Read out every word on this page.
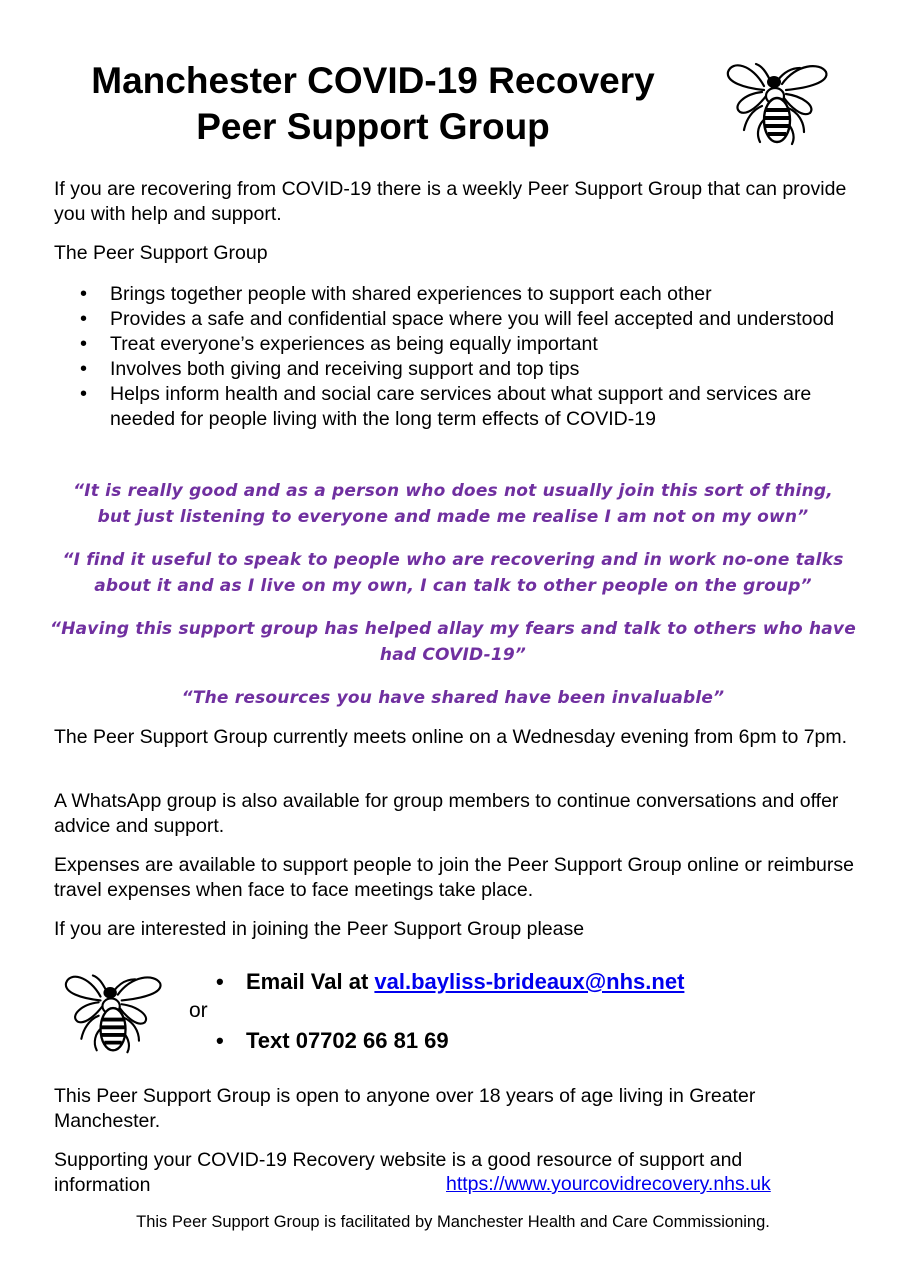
Manchester COVID-19 Recovery
Peer Support Group

If you are recovering from COVID-19 there is a weekly Peer Support Group that can provide you with help and support.

The Peer Support Group

• Brings together people with shared experiences to support each other
• Provides a safe and confidential space where you will feel accepted and understood
• Treat everyone’s experiences as being equally important
• Involves both giving and receiving support and top tips
• Helps inform health and social care services about what support and services are needed for people living with the long term effects of COVID-19

“It is really good and as a person who does not usually join this sort of thing, but just listening to everyone and made me realise I am not on my own”

“I find it useful to speak to people who are recovering and in work no-one talks about it and as I live on my own, I can talk to other people on the group”

“Having this support group has helped allay my fears and talk to others who have had COVID-19”

“The resources you have shared have been invaluable”

The Peer Support Group currently meets online on a Wednesday evening from 6pm to 7pm.

A WhatsApp group is also available for group members to continue conversations and offer advice and support.

Expenses are available to support people to join the Peer Support Group online or reimburse travel expenses when face to face meetings take place.

If you are interested in joining the Peer Support Group please

• Email Val at val.bayliss-brideaux@nhs.net
or
• Text 07702 66 81 69

This Peer Support Group is open to anyone over 18 years of age living in Greater Manchester.

Supporting your COVID-19 Recovery website is a good resource of support and information	https://www.yourcovidrecovery.nhs.uk

This Peer Support Group is facilitated by Manchester Health and Care Commissioning.
